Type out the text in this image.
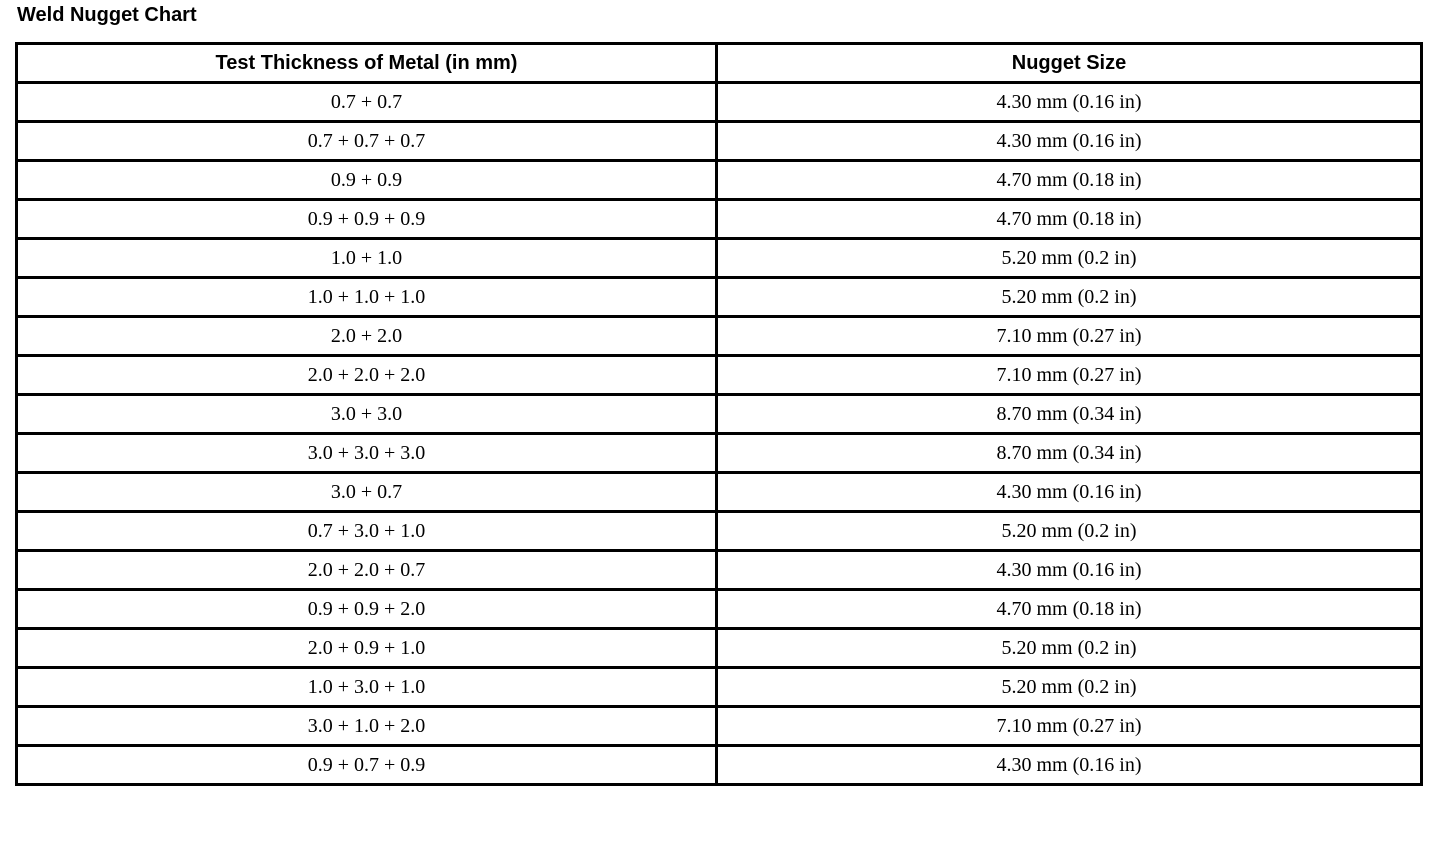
Weld Nugget Chart
Test Thickness of Metal (in mm)	Nugget Size
0.7 + 0.7	4.30 mm (0.16 in)
0.7 + 0.7 + 0.7	4.30 mm (0.16 in)
0.9 + 0.9	4.70 mm (0.18 in)
0.9 + 0.9 + 0.9	4.70 mm (0.18 in)
1.0 + 1.0	5.20 mm (0.2 in)
1.0 + 1.0 + 1.0	5.20 mm (0.2 in)
2.0 + 2.0	7.10 mm (0.27 in)
2.0 + 2.0 + 2.0	7.10 mm (0.27 in)
3.0 + 3.0	8.70 mm (0.34 in)
3.0 + 3.0 + 3.0	8.70 mm (0.34 in)
3.0 + 0.7	4.30 mm (0.16 in)
0.7 + 3.0 + 1.0	5.20 mm (0.2 in)
2.0 + 2.0 + 0.7	4.30 mm (0.16 in)
0.9 + 0.9 + 2.0	4.70 mm (0.18 in)
2.0 + 0.9 + 1.0	5.20 mm (0.2 in)
1.0 + 3.0 + 1.0	5.20 mm (0.2 in)
3.0 + 1.0 + 2.0	7.10 mm (0.27 in)
0.9 + 0.7 + 0.9	4.30 mm (0.16 in)
